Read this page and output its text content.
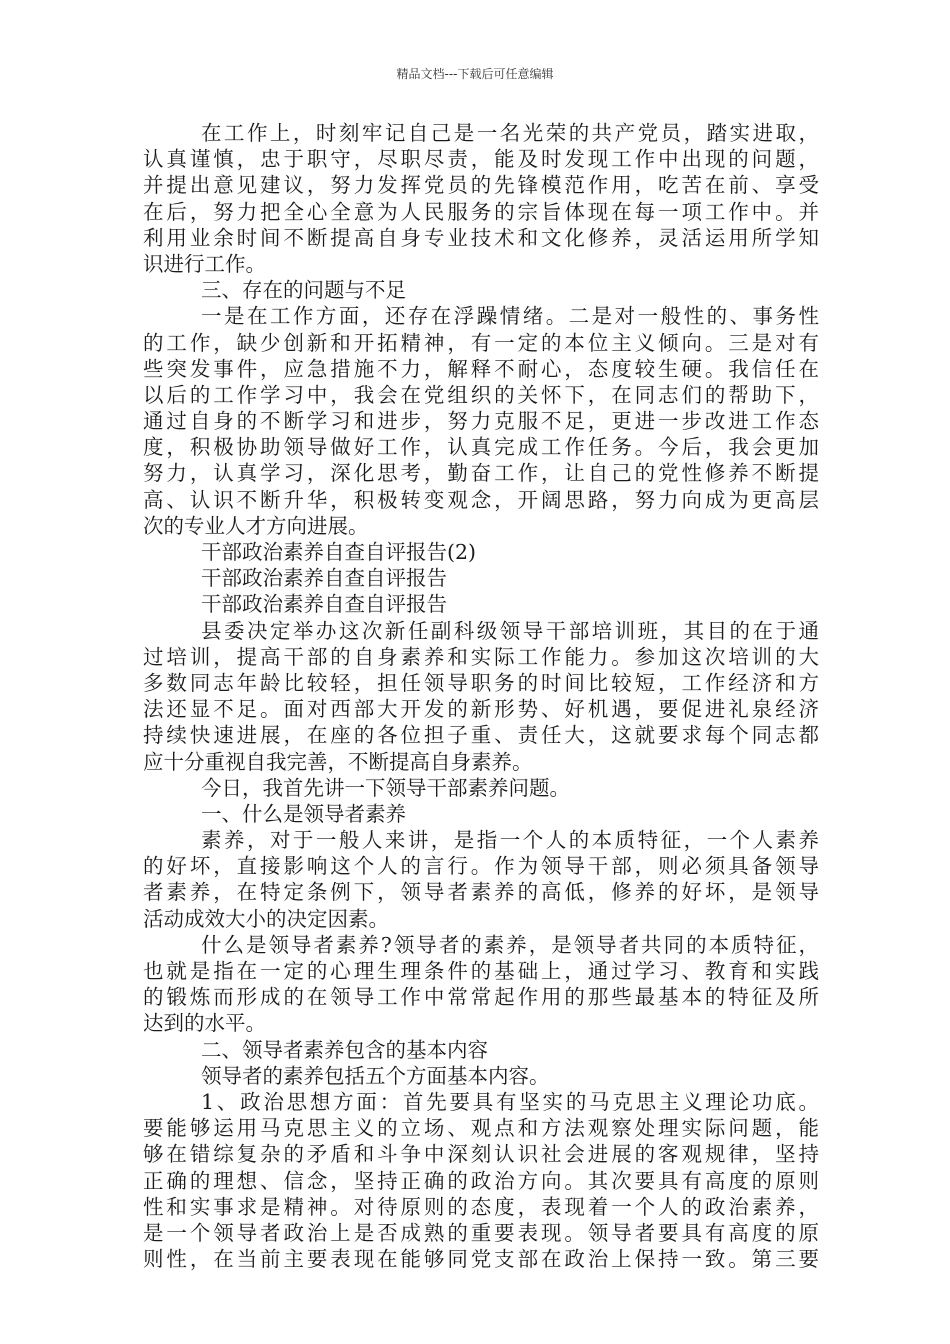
精品文档---下载后可任意编辑
在工作上，时刻牢记自己是一名光荣的共产党员，踏实进取，
认真谨慎，忠于职守，尽职尽责，能及时发现工作中出现的问题，
并提出意见建议，努力发挥党员的先锋模范作用，吃苦在前、享受
在后，努力把全心全意为人民服务的宗旨体现在每一项工作中。并
利用业余时间不断提高自身专业技术和文化修养，灵活运用所学知
识进行工作。
三、存在的问题与不足
一是在工作方面，还存在浮躁情绪。二是对一般性的、事务性
的工作，缺少创新和开拓精神，有一定的本位主义倾向。三是对有
些突发事件，应急措施不力，解释不耐心，态度较生硬。我信任在
以后的工作学习中，我会在党组织的关怀下，在同志们的帮助下，
通过自身的不断学习和进步，努力克服不足，更进一步改进工作态
度，积极协助领导做好工作，认真完成工作任务。今后，我会更加
努力，认真学习，深化思考，勤奋工作，让自己的党性修养不断提
高、认识不断升华，积极转变观念，开阔思路，努力向成为更高层
次的专业人才方向进展。
干部政治素养自查自评报告(2)
干部政治素养自查自评报告
干部政治素养自查自评报告
县委决定举办这次新任副科级领导干部培训班，其目的在于通
过培训，提高干部的自身素养和实际工作能力。参加这次培训的大
多数同志年龄比较轻，担任领导职务的时间比较短，工作经济和方
法还显不足。面对西部大开发的新形势、好机遇，要促进礼泉经济
持续快速进展，在座的各位担子重、责任大，这就要求每个同志都
应十分重视自我完善，不断提高自身素养。
今日，我首先讲一下领导干部素养问题。
一、什么是领导者素养
素养，对于一般人来讲，是指一个人的本质特征，一个人素养
的好坏，直接影响这个人的言行。作为领导干部，则必须具备领导
者素养，在特定条例下，领导者素养的高低，修养的好坏，是领导
活动成效大小的决定因素。
什么是领导者素养?领导者的素养，是领导者共同的本质特征，
也就是指在一定的心理生理条件的基础上，通过学习、教育和实践
的锻炼而形成的在领导工作中常常起作用的那些最基本的特征及所
达到的水平。
二、领导者素养包含的基本内容
领导者的素养包括五个方面基本内容。
1、政治思想方面：首先要具有坚实的马克思主义理论功底。
要能够运用马克思主义的立场、观点和方法观察处理实际问题，能
够在错综复杂的矛盾和斗争中深刻认识社会进展的客观规律，坚持
正确的理想、信念，坚持正确的政治方向。其次要具有高度的原则
性和实事求是精神。对待原则的态度，表现着一个人的政治素养，
是一个领导者政治上是否成熟的重要表现。领导者要具有高度的原
则性，在当前主要表现在能够同党支部在政治上保持一致。第三要
